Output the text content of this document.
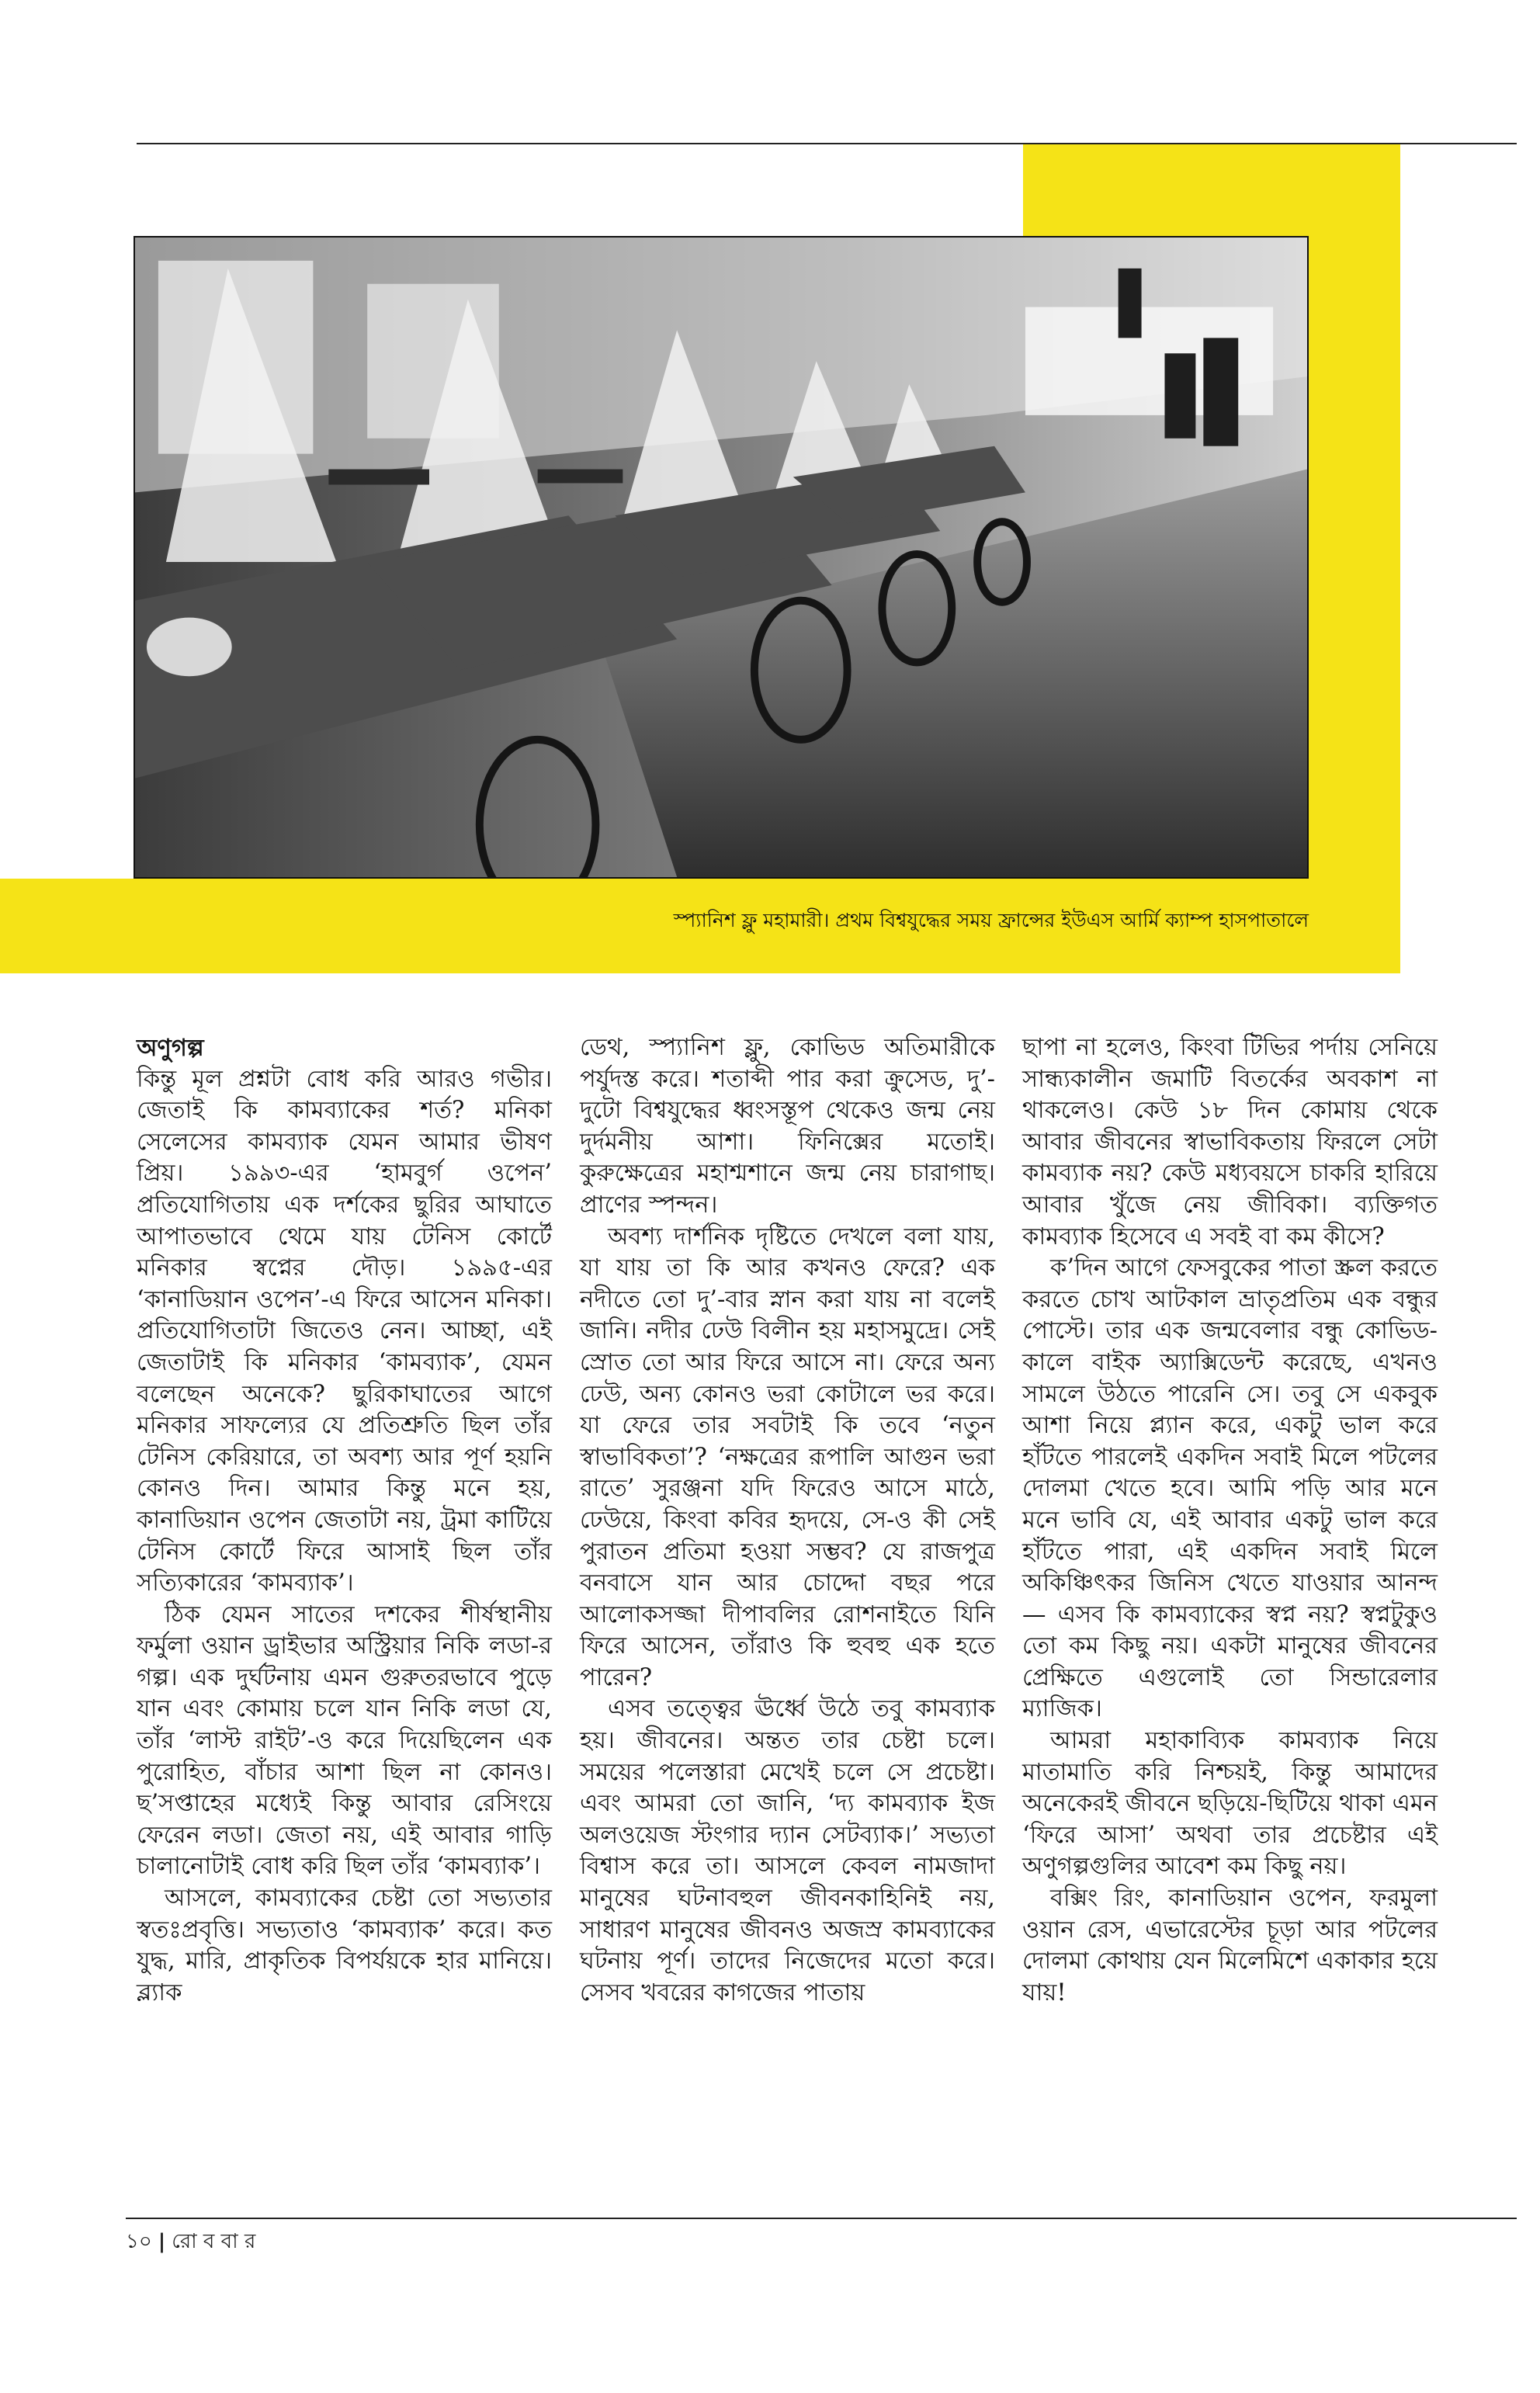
স্প্যানিশ ফ্লু মহামারী। প্রথম বিশ্বযুদ্ধের সময় ফ্রান্সের ইউএস আর্মি ক্যাম্প হাসপাতালে

অণুগল্প

কিন্তু মূল প্রশ্নটা বোধ করি আরও গভীর। জেতাই কি কামব্যাকের শর্ত? মনিকা সেলেসের কামব্যাক যেমন আমার ভীষণ প্রিয়। ১৯৯৩-এর ‘হামবুর্গ ওপেন’ প্রতিযোগিতায় এক দর্শকের ছুরির আঘাতে আপাতভাবে থেমে যায় টেনিস কোর্টে মনিকার স্বপ্নের দৌড়। ১৯৯৫-এর ‘কানাডিয়ান ওপেন’-এ ফিরে আসেন মনিকা। প্রতিযোগিতাটা জিতেও নেন। আচ্ছা, এই জেতাটাই কি মনিকার ‘কামব্যাক’, যেমন বলেছেন অনেকে? ছুরিকাঘাতের আগে মনিকার সাফল্যের যে প্রতিশ্রুতি ছিল তাঁর টেনিস কেরিয়ারে, তা অবশ্য আর পূর্ণ হয়নি কোনও দিন। আমার কিন্তু মনে হয়, কানাডিয়ান ওপেন জেতাটা নয়, ট্রমা কাটিয়ে টেনিস কোর্টে ফিরে আসাই ছিল তাঁর সত্যিকারের ‘কামব্যাক’।

ঠিক যেমন সাতের দশকের শীর্ষস্থানীয় ফর্মুলা ওয়ান ড্রাইভার অস্ট্রিয়ার নিকি লডা-র গল্প। এক দুর্ঘটনায় এমন গুরুতরভাবে পুড়ে যান এবং কোমায় চলে যান নিকি লডা যে, তাঁর ‘লাস্ট রাইট’-ও করে দিয়েছিলেন এক পুরোহিত, বাঁচার আশা ছিল না কোনও। ছ’সপ্তাহের মধ্যেই কিন্তু আবার রেসিংয়ে ফেরেন লডা। জেতা নয়, এই আবার গাড়ি চালানোটাই বোধ করি ছিল তাঁর ‘কামব্যাক’।

আসলে, কামব্যাকের চেষ্টা তো সভ্যতার স্বতঃপ্রবৃত্তি। সভ্যতাও ‘কামব্যাক’ করে। কত যুদ্ধ, মারি, প্রাকৃতিক বিপর্যয়কে হার মানিয়ে। ব্ল্যাক

ডেথ, স্প্যানিশ ফ্লু, কোভিড অতিমারীকে পর্যুদস্ত করে। শতাব্দী পার করা ক্রুসেড, দু’-দুটো বিশ্বযুদ্ধের ধ্বংসস্তূপ থেকেও জন্ম নেয় দুর্দমনীয় আশা। ফিনিক্সের মতোই। কুরুক্ষেত্রের মহাশ্মশানে জন্ম নেয় চারাগাছ। প্রাণের স্পন্দন।

অবশ্য দার্শনিক দৃষ্টিতে দেখলে বলা যায়, যা যায় তা কি আর কখনও ফেরে? এক নদীতে তো দু’-বার স্নান করা যায় না বলেই জানি। নদীর ঢেউ বিলীন হয় মহাসমুদ্রে। সেই স্রোত তো আর ফিরে আসে না। ফেরে অন্য ঢেউ, অন্য কোনও ভরা কোটালে ভর করে। যা ফেরে তার সবটাই কি তবে ‘নতুন স্বাভাবিকতা’? ‘নক্ষত্রের রূপালি আগুন ভরা রাতে’ সুরঞ্জনা যদি ফিরেও আসে মাঠে, ঢেউয়ে, কিংবা কবির হৃদয়ে, সে-ও কী সেই পুরাতন প্রতিমা হওয়া সম্ভব? যে রাজপুত্র বনবাসে যান আর চোদ্দো বছর পরে আলোকসজ্জা দীপাবলির রোশনাইতে যিনি ফিরে আসেন, তাঁরাও কি হুবহু এক হতে পারেন?

এসব তত্ত্বের ঊর্ধ্বে উঠে তবু কামব্যাক হয়। জীবনের। অন্তত তার চেষ্টা চলে। সময়ের পলেস্তারা মেখেই চলে সে প্রচেষ্টা। এবং আমরা তো জানি, ‘দ্য কামব্যাক ইজ অলওয়েজ স্টংগার দ্যান সেটব্যাক।’ সভ্যতা বিশ্বাস করে তা। আসলে কেবল নামজাদা মানুষের ঘটনাবহুল জীবনকাহিনিই নয়, সাধারণ মানুষের জীবনও অজস্র কামব্যাকের ঘটনায় পূর্ণ। তাদের নিজেদের মতো করে। সেসব খবরের কাগজের পাতায়

ছাপা না হলেও, কিংবা টিভির পর্দায় সেনিয়ে সান্ধ্যকালীন জমাটি বিতর্কের অবকাশ না থাকলেও। কেউ ১৮ দিন কোমায় থেকে আবার জীবনের স্বাভাবিকতায় ফিরলে সেটা কামব্যাক নয়? কেউ মধ্যবয়সে চাকরি হারিয়ে আবার খুঁজে নেয় জীবিকা। ব্যক্তিগত কামব্যাক হিসেবে এ সবই বা কম কীসে?

ক’দিন আগে ফেসবুকের পাতা স্ক্রল করতে করতে চোখ আটকাল ভ্রাতৃপ্রতিম এক বন্ধুর পোস্টে। তার এক জন্মবেলার বন্ধু কোভিড-কালে বাইক অ্যাক্সিডেন্ট করেছে, এখনও সামলে উঠতে পারেনি সে। তবু সে একবুক আশা নিয়ে প্ল্যান করে, একটু ভাল করে হাঁটতে পারলেই একদিন সবাই মিলে পটলের দোলমা খেতে হবে। আমি পড়ি আর মনে মনে ভাবি যে, এই আবার একটু ভাল করে হাঁটতে পারা, এই একদিন সবাই মিলে অকিঞ্চিৎকর জিনিস খেতে যাওয়ার আনন্দ— এসব কি কামব্যাকের স্বপ্ন নয়? স্বপ্নটুকুও তো কম কিছু নয়। একটা মানুষের জীবনের প্রেক্ষিতে এগুলোই তো সিন্ডারেলার ম্যাজিক।

আমরা মহাকাব্যিক কামব্যাক নিয়ে মাতামাতি করি নিশ্চয়ই, কিন্তু আমাদের অনেকেরই জীবনে ছড়িয়ে-ছিটিয়ে থাকা এমন ‘ফিরে আসা’ অথবা তার প্রচেষ্টার এই অণুগল্পগুলির আবেশ কম কিছু নয়।

বক্সিং রিং, কানাডিয়ান ওপেন, ফরমুলা ওয়ান রেস, এভারেস্টের চূড়া আর পটলের দোলমা কোথায় যেন মিলেমিশে একাকার হয়ে যায়!

১০ | রো ব বা র
